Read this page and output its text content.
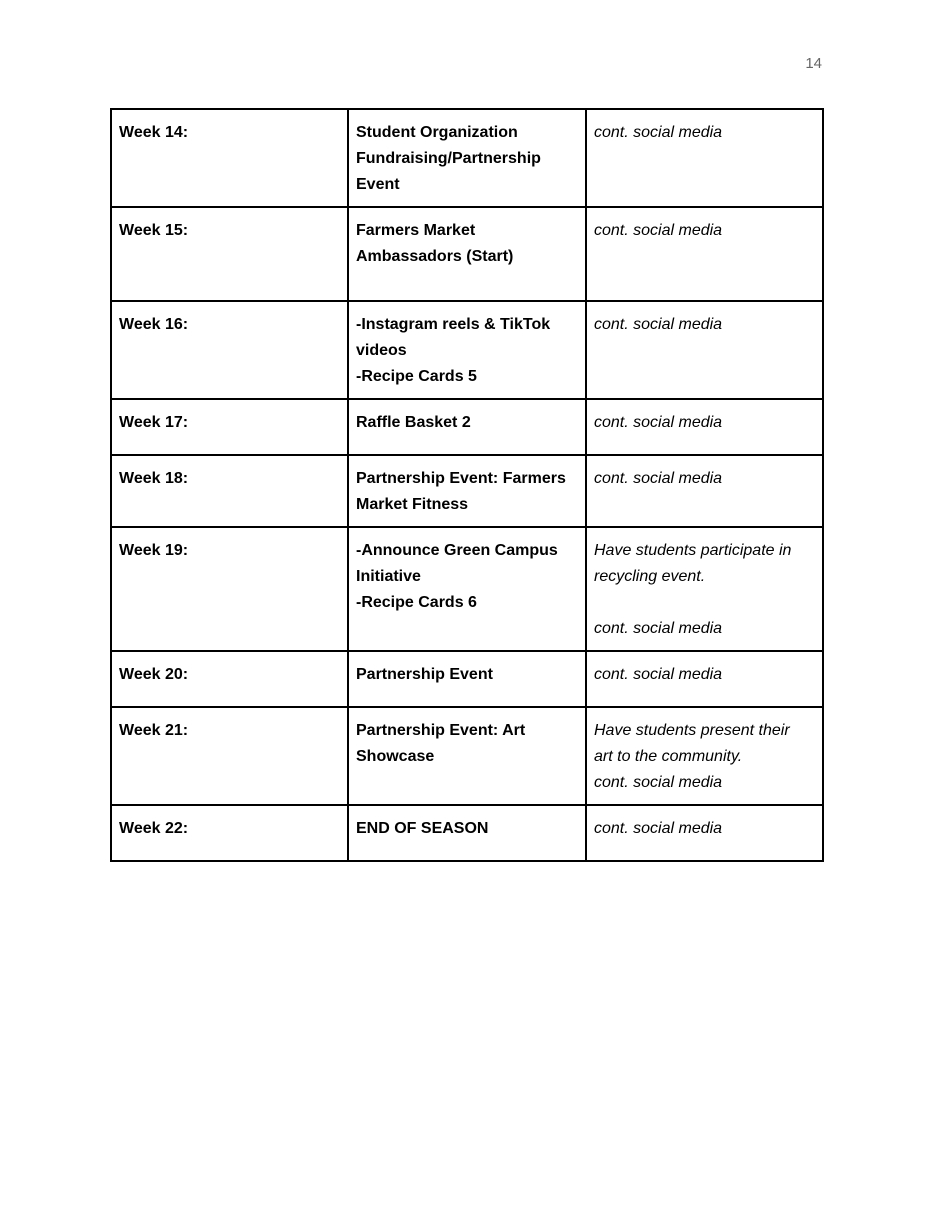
14
Week 14:	Student Organization
Fundraising/Partnership
Event	cont. social media

Week 15:	Farmers Market
Ambassadors (Start)	cont. social media

Week 16:	-Instagram reels & TikTok
videos
-Recipe Cards 5	cont. social media

Week 17:	Raffle Basket 2	cont. social media

Week 18:	Partnership Event: Farmers
Market Fitness	cont. social media

Week 19:	-Announce Green Campus
Initiative
-Recipe Cards 6	Have students participate in
recycling event.
cont. social media

Week 20:	Partnership Event	cont. social media

Week 21:	Partnership Event: Art
Showcase	Have students present their
art to the community.
cont. social media

Week 22:	END OF SEASON	cont. social media
